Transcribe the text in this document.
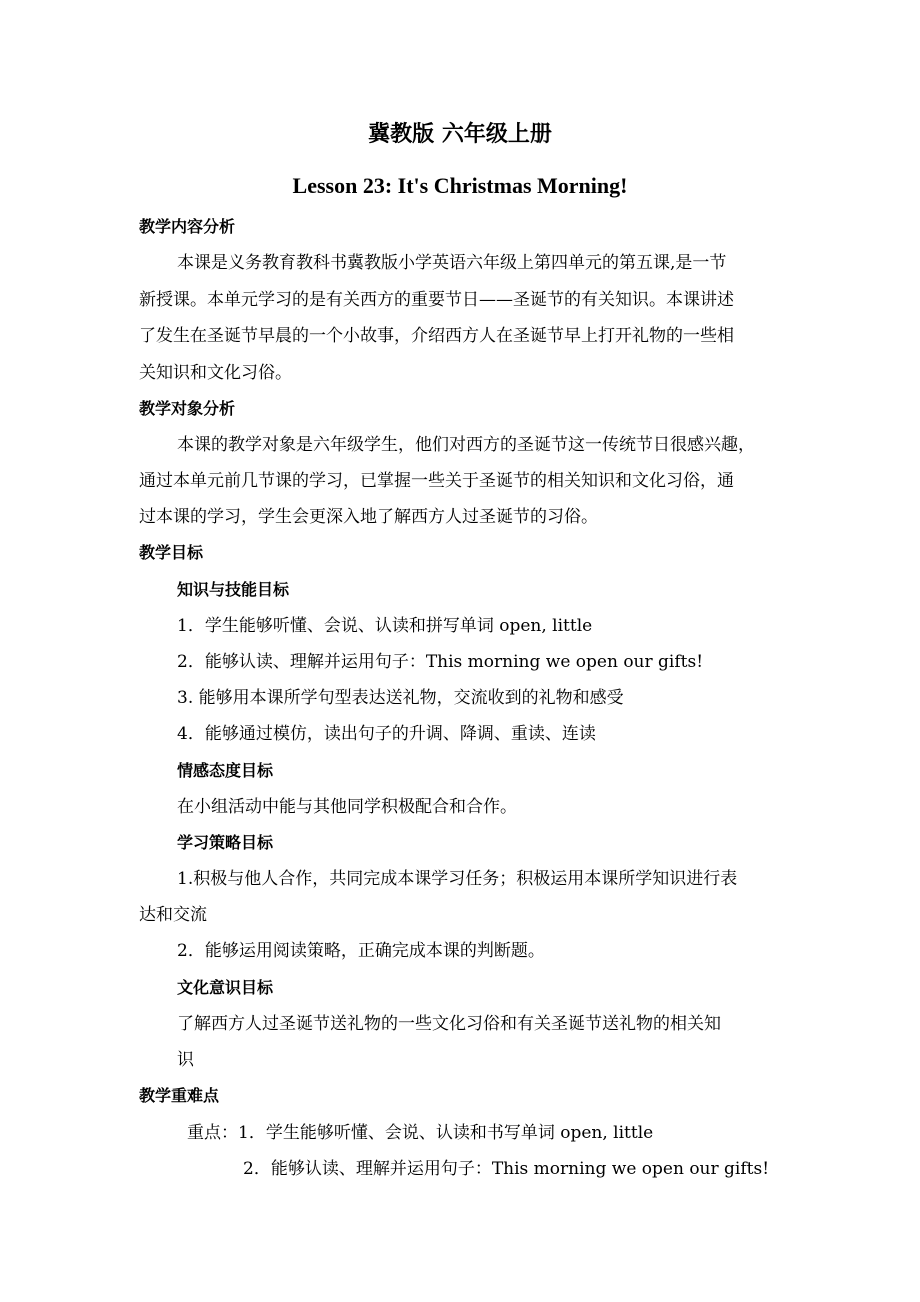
冀教版 六年级上册
Lesson 23: It's Christmas Morning!
教学内容分析
本课是义务教育教科书冀教版小学英语六年级上第四单元的第五课,是一节
新授课。本单元学习的是有关西方的重要节日——圣诞节的有关知识。本课讲述
了发生在圣诞节早晨的一个小故事，介绍西方人在圣诞节早上打开礼物的一些相
关知识和文化习俗。
教学对象分析
本课的教学对象是六年级学生，他们对西方的圣诞节这一传统节日很感兴趣，
通过本单元前几节课的学习，已掌握一些关于圣诞节的相关知识和文化习俗，通
过本课的学习，学生会更深入地了解西方人过圣诞节的习俗。
教学目标
知识与技能目标
1．学生能够听懂、会说、认读和拼写单词 open, little
2．能够认读、理解并运用句子：This morning we open our gifts!
3. 能够用本课所学句型表达送礼物，交流收到的礼物和感受
4．能够通过模仿，读出句子的升调、降调、重读、连读
情感态度目标
在小组活动中能与其他同学积极配合和合作。
学习策略目标
1.积极与他人合作，共同完成本课学习任务；积极运用本课所学知识进行表
达和交流
2．能够运用阅读策略，正确完成本课的判断题。
文化意识目标
了解西方人过圣诞节送礼物的一些文化习俗和有关圣诞节送礼物的相关知
识
教学重难点
重点：1．学生能够听懂、会说、认读和书写单词 open, little
2．能够认读、理解并运用句子：This morning we open our gifts!
